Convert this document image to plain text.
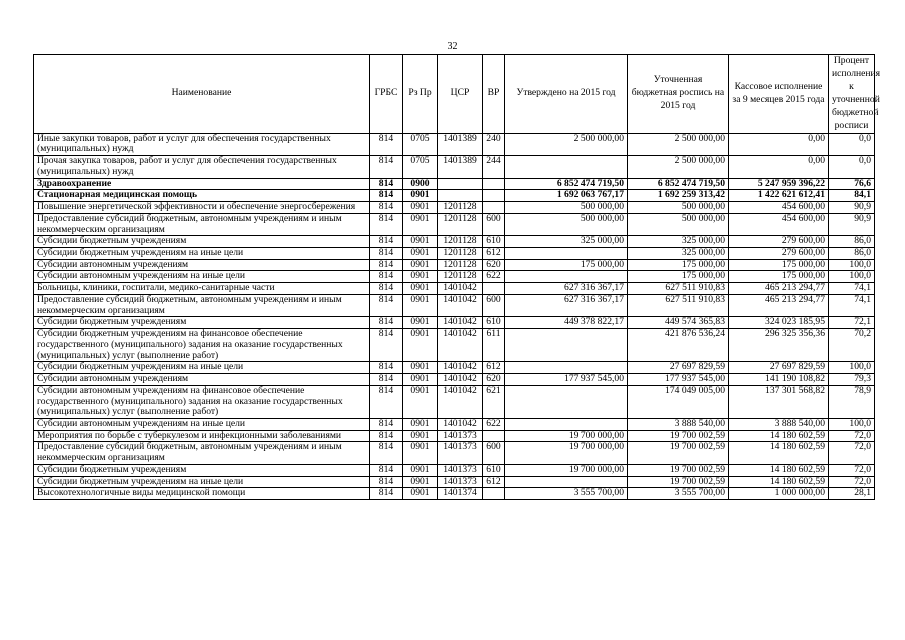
32
Наименование	ГРБС	Рз Пр	ЦСР	ВР	Утверждено на 2015 год	Уточненная бюджетная роспись на 2015 год	Кассовое исполнение за 9 месяцев 2015 года	Процент исполнения к уточненной бюджетной росписи
Иные закупки товаров, работ и услуг для обеспечения государственных (муниципальных) нужд	814	0705	1401389	240	2 500 000,00	2 500 000,00	0,00	0,0
Прочая закупка товаров, работ и услуг для обеспечения государственных (муниципальных) нужд	814	0705	1401389	244		2 500 000,00	0,00	0,0
Здравоохранение	814	0900			6 852 474 719,50	6 852 474 719,50	5 247 959 396,22	76,6
Стационарная медицинская помощь	814	0901			1 692 063 767,17	1 692 259 313,42	1 422 621 612,41	84,1
Повышение энергетической эффективности и обеспечение энергосбережения	814	0901	1201128		500 000,00	500 000,00	454 600,00	90,9
Предоставление субсидий бюджетным, автономным учреждениям и иным некоммерческим организациям	814	0901	1201128	600	500 000,00	500 000,00	454 600,00	90,9
Субсидии бюджетным учреждениям	814	0901	1201128	610	325 000,00	325 000,00	279 600,00	86,0
Субсидии бюджетным учреждениям на иные цели	814	0901	1201128	612		325 000,00	279 600,00	86,0
Субсидии автономным учреждениям	814	0901	1201128	620	175 000,00	175 000,00	175 000,00	100,0
Субсидии автономным учреждениям на иные цели	814	0901	1201128	622		175 000,00	175 000,00	100,0
Больницы, клиники, госпитали, медико-санитарные части	814	0901	1401042		627 316 367,17	627 511 910,83	465 213 294,77	74,1
Предоставление субсидий бюджетным, автономным учреждениям и иным некоммерческим организациям	814	0901	1401042	600	627 316 367,17	627 511 910,83	465 213 294,77	74,1
Субсидии бюджетным учреждениям	814	0901	1401042	610	449 378 822,17	449 574 365,83	324 023 185,95	72,1
Субсидии бюджетным учреждениям на финансовое обеспечение государственного (муниципального) задания на оказание государственных (муниципальных) услуг (выполнение работ)	814	0901	1401042	611		421 876 536,24	296 325 356,36	70,2
Субсидии бюджетным учреждениям на иные цели	814	0901	1401042	612		27 697 829,59	27 697 829,59	100,0
Субсидии автономным учреждениям	814	0901	1401042	620	177 937 545,00	177 937 545,00	141 190 108,82	79,3
Субсидии автономным учреждениям на финансовое обеспечение государственного (муниципального) задания на оказание государственных (муниципальных) услуг (выполнение работ)	814	0901	1401042	621		174 049 005,00	137 301 568,82	78,9
Субсидии автономным учреждениям на иные цели	814	0901	1401042	622		3 888 540,00	3 888 540,00	100,0
Мероприятия по борьбе с туберкулезом и инфекционными заболеваниями	814	0901	1401373		19 700 000,00	19 700 002,59	14 180 602,59	72,0
Предоставление субсидий бюджетным, автономным учреждениям и иным некоммерческим организациям	814	0901	1401373	600	19 700 000,00	19 700 002,59	14 180 602,59	72,0
Субсидии бюджетным учреждениям	814	0901	1401373	610	19 700 000,00	19 700 002,59	14 180 602,59	72,0
Субсидии бюджетным учреждениям на иные цели	814	0901	1401373	612		19 700 002,59	14 180 602,59	72,0
Высокотехнологичные виды медицинской помощи	814	0901	1401374		3 555 700,00	3 555 700,00	1 000 000,00	28,1
